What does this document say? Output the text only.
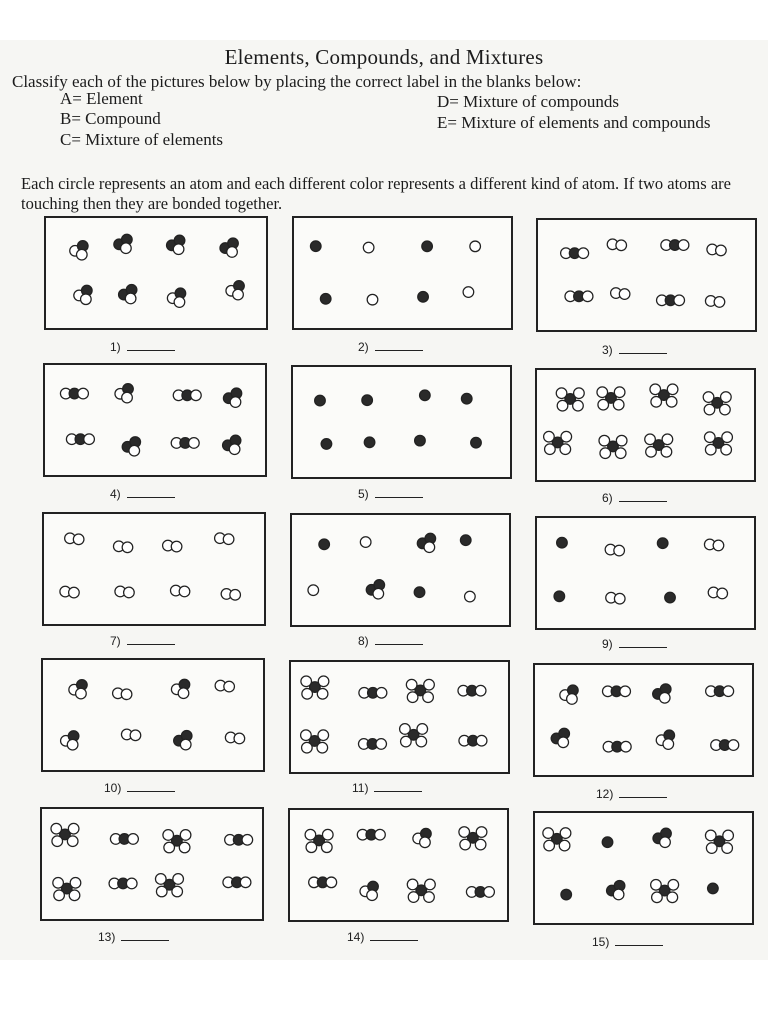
Elements, Compounds, and Mixtures
Classify each of the pictures below by placing the correct label in the blanks below:
A= Element
B= Compound
C= Mixture of elements
D= Mixture of compounds
E= Mixture of elements and compounds
Each circle represents an atom and each different color represents a different kind of atom. If two atoms are touching then they are bonded together.
1)	2)	3)
4)	5)	6)
7)	8)	9)
10)	11)	12)
13)	14)	15)
